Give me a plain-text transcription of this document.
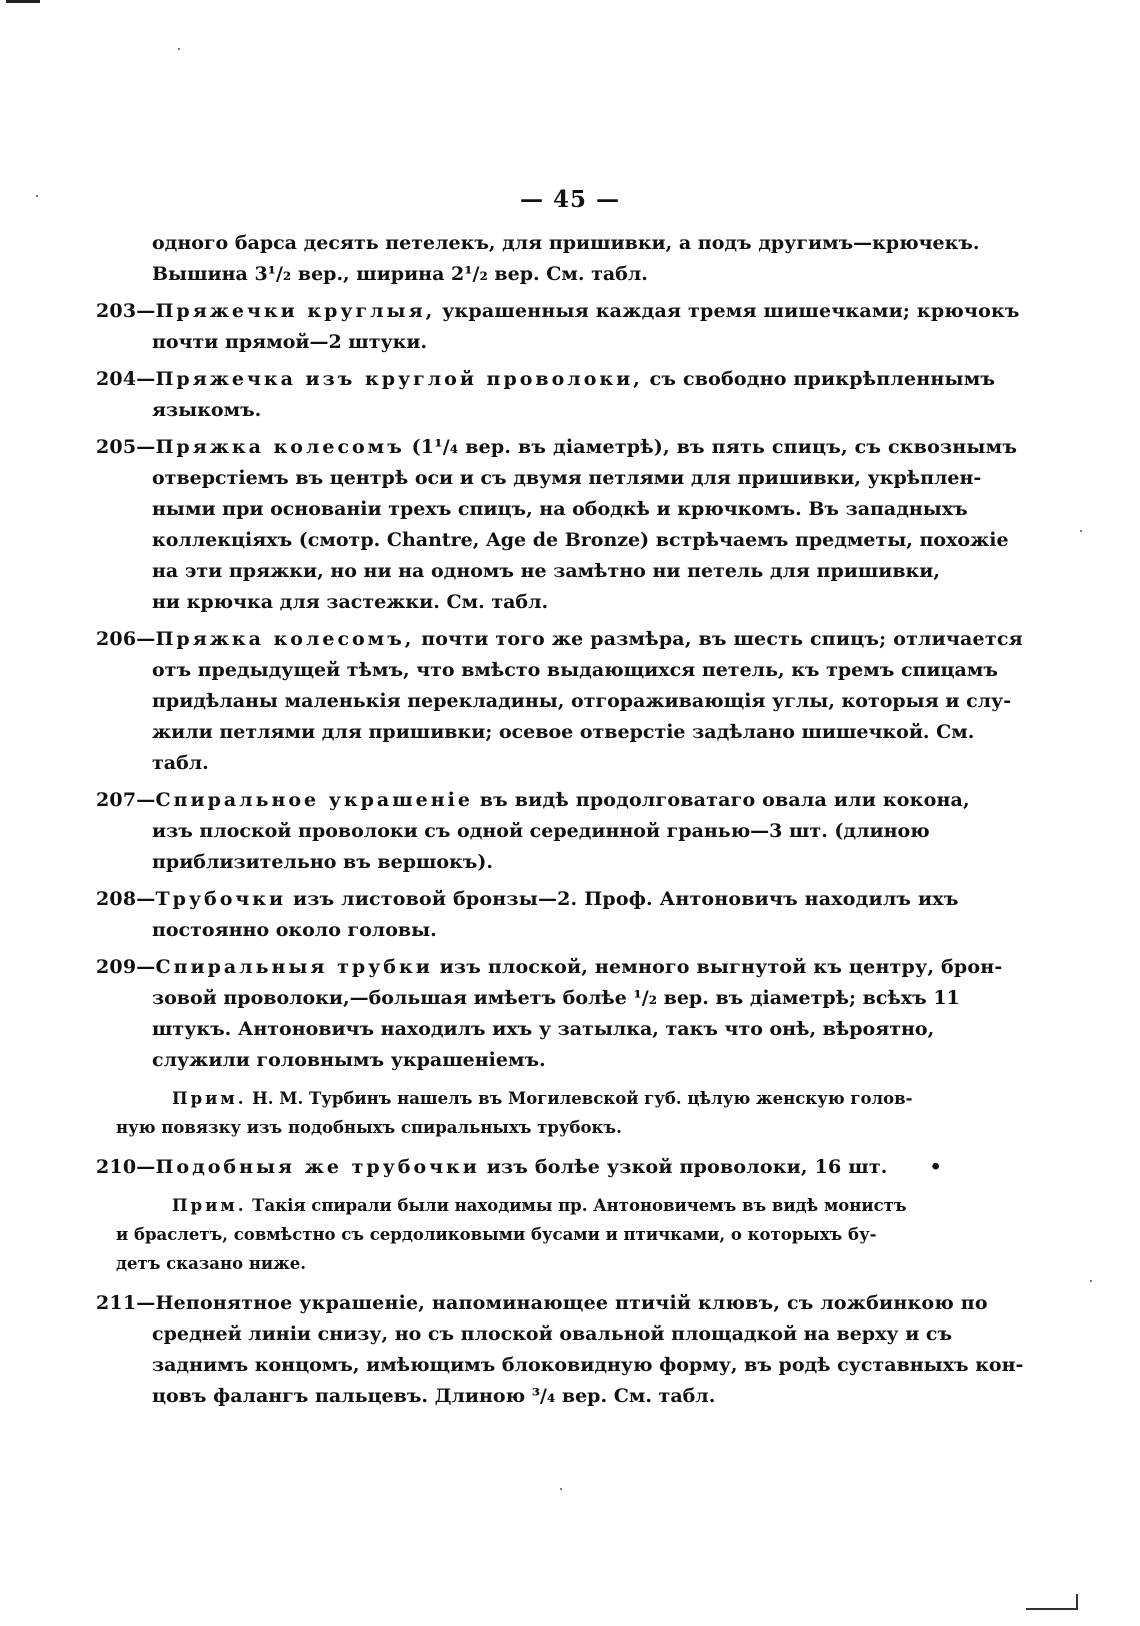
— 45 —
одного барса десять петелекъ, для пришивки, а подъ другимъ—крючекъ.
Вышина 3¹/₂ вер., ширина 2¹/₂ вер. См. табл.
203—Пряжечки круглыя, украшенныя каждая тремя шишечками; крючокъ
почти прямой—2 штуки.
204—Пряжечка изъ круглой проволоки, съ свободно прикрѣпленнымъ
языкомъ.
205—Пряжка колесомъ (1¹/₄ вер. въ діаметрѣ), въ пять спицъ, съ сквознымъ
отверстіемъ въ центрѣ оси и съ двумя петлями для пришивки, укрѣплен-
ными при основаніи трехъ спицъ, на ободкѣ и крючкомъ. Въ западныхъ
коллекціяхъ (смотр. Chantre, Age de Bronze) встрѣчаемъ предметы, похожіе
на эти пряжки, но ни на одномъ не замѣтно ни петель для пришивки,
ни крючка для застежки. См. табл.
206—Пряжка колесомъ, почти того же размѣра, въ шесть спицъ; отличается
отъ предыдущей тѣмъ, что вмѣсто выдающихся петель, къ тремъ спицамъ
придѣланы маленькія перекладины, отгораживающія углы, которыя и слу-
жили петлями для пришивки; осевое отверстіе задѣлано шишечкой. См.
табл.
207—Спиральное украшеніе въ видѣ продолговатаго овала или кокона,
изъ плоской проволоки съ одной серединной гранью—3 шт. (длиною
приблизительно въ вершокъ).
208—Трубочки изъ листовой бронзы—2. Проф. Антоновичъ находилъ ихъ
постоянно около головы.
209—Спиральныя трубки изъ плоской, немного выгнутой къ центру, брон-
зовой проволоки,—большая имѣетъ болѣе ¹/₂ вер. въ діаметрѣ; всѣхъ 11
штукъ. Антоновичъ находилъ ихъ у затылка, такъ что онѣ, вѣроятно,
служили головнымъ украшеніемъ.
Прим. Н. М. Турбинъ нашелъ въ Могилевской губ. цѣлую женскую голов-
ную повязку изъ подобныхъ спиральныхъ трубокъ.
210—Подобныя же трубочки изъ болѣе узкой проволоки, 16 шт. •
Прим. Такія спирали были находимы пр. Антоновичемъ въ видѣ монистъ
и браслетъ, совмѣстно съ сердоликовыми бусами и птичками, о которыхъ бу-
детъ сказано ниже.
211—Непонятное украшеніе, напоминающее птичій клювъ, съ ложбинкою по
средней линіи снизу, но съ плоской овальной площадкой на верху и съ
заднимъ концомъ, имѣющимъ блоковидную форму, въ родѣ суставныхъ кон-
цовъ фалангъ пальцевъ. Длиною ³/₄ вер. См. табл.
